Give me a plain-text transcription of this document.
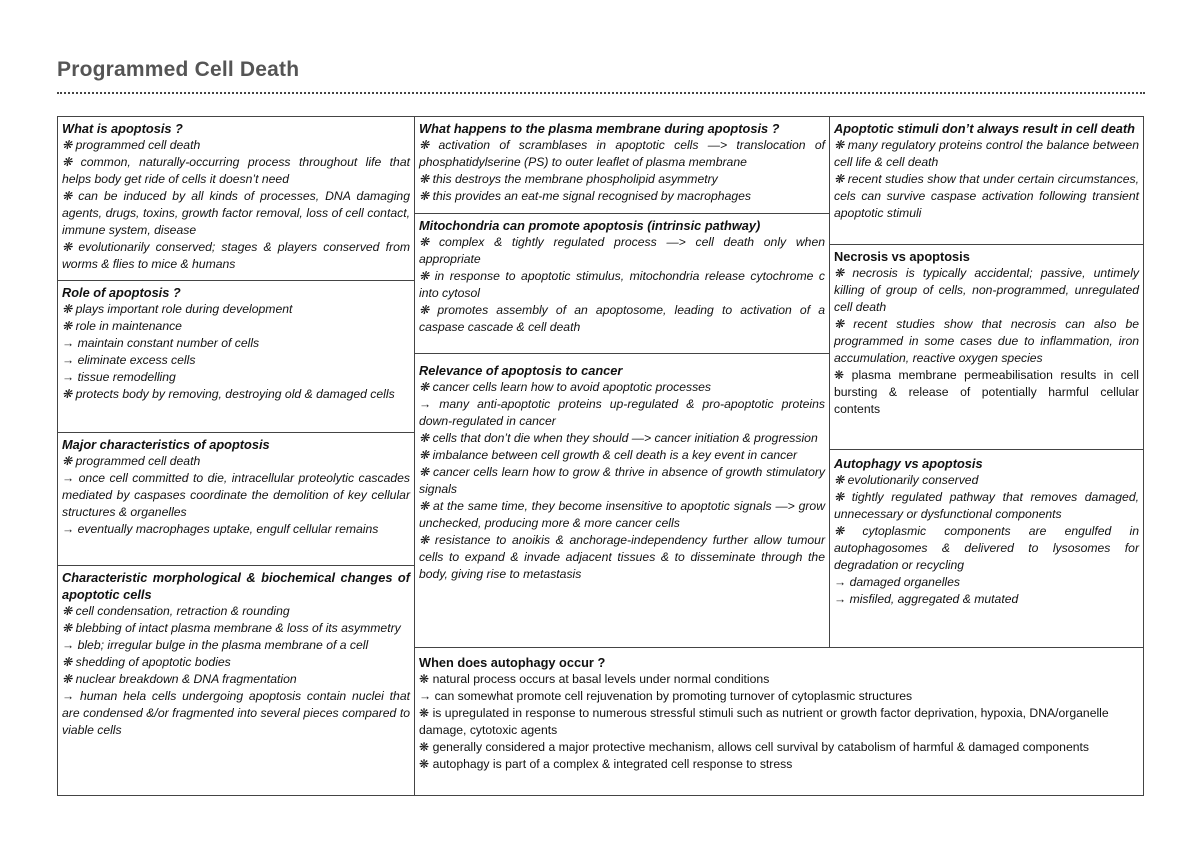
Programmed Cell Death
What is apoptosis ?
❋ programmed cell death
❋ common, naturally-occurring process throughout life that helps body get ride of cells it doesn’t need
❋ can be induced by all kinds of processes, DNA damaging agents, drugs, toxins, growth factor removal, loss of cell contact, immune system, disease
❋ evolutionarily conserved; stages & players conserved from worms & flies to mice & humans
Role of apoptosis ?
❋ plays important role during development
❋ role in maintenance
→ maintain constant number of cells
→ eliminate excess cells
→ tissue remodelling
❋ protects body by removing, destroying old & damaged cells
Major characteristics of apoptosis
❋ programmed cell death
→ once cell committed to die, intracellular proteolytic cascades mediated by caspases coordinate the demolition of key cellular structures & organelles
→ eventually macrophages uptake, engulf cellular remains
Characteristic morphological & biochemical changes of apoptotic cells
❋ cell condensation, retraction & rounding
❋ blebbing of intact plasma membrane & loss of its asymmetry
→ bleb; irregular bulge in the plasma membrane of a cell
❋ shedding of apoptotic bodies
❋ nuclear breakdown & DNA fragmentation
→ human hela cells undergoing apoptosis contain nuclei that are condensed &/or fragmented into several pieces compared to viable cells
What happens to the plasma membrane during apoptosis ?
❋ activation of scramblases in apoptotic cells —> translocation of phosphatidylserine (PS) to outer leaflet of plasma membrane
❋ this destroys the membrane phospholipid asymmetry
❋ this provides an eat-me signal recognised by macrophages
Mitochondria can promote apoptosis (intrinsic pathway)
❋ complex & tightly regulated process —> cell death only when appropriate
❋ in response to apoptotic stimulus, mitochondria release cytochrome c into cytosol
❋ promotes assembly of an apoptosome, leading to activation of a caspase cascade & cell death
Relevance of apoptosis to cancer
❋ cancer cells learn how to avoid apoptotic processes
→ many anti-apoptotic proteins up-regulated & pro-apoptotic proteins down-regulated in cancer
❋ cells that don’t die when they should —> cancer initiation & progression
❋ imbalance between cell growth & cell death is a key event in cancer
❋ cancer cells learn how to grow & thrive in absence of growth stimulatory signals
❋ at the same time, they become insensitive to apoptotic signals —> grow unchecked, producing more & more cancer cells
❋ resistance to anoikis & anchorage-independency further allow tumour cells to expand & invade adjacent tissues & to disseminate through the body, giving rise to metastasis
Apoptotic stimuli don’t always result in cell death
❋ many regulatory proteins control the balance between cell life & cell death
❋ recent studies show that under certain circumstances, cels can survive caspase activation following transient apoptotic stimuli
Necrosis vs apoptosis
❋ necrosis is typically accidental; passive, untimely killing of group of cells, non-programmed, unregulated cell death
❋ recent studies show that necrosis can also be programmed in some cases due to inflammation, iron accumulation, reactive oxygen species
❋ plasma membrane permeabilisation results in cell bursting & release of potentially harmful cellular contents
Autophagy vs apoptosis
❋ evolutionarily conserved
❋ tightly regulated pathway that removes damaged, unnecessary or dysfunctional components
❋ cytoplasmic components are engulfed in autophagosomes & delivered to lysosomes for degradation or recycling
→ damaged organelles
→ misfiled, aggregated & mutated
When does autophagy occur ?
❋ natural process occurs at basal levels under normal conditions
→ can somewhat promote cell rejuvenation by promoting turnover of cytoplasmic structures
❋ is upregulated in response to numerous stressful stimuli such as nutrient or growth factor deprivation, hypoxia, DNA/organelle damage, cytotoxic agents
❋ generally considered a major protective mechanism, allows cell survival by catabolism of harmful & damaged components
❋ autophagy is part of a complex & integrated cell response to stress
